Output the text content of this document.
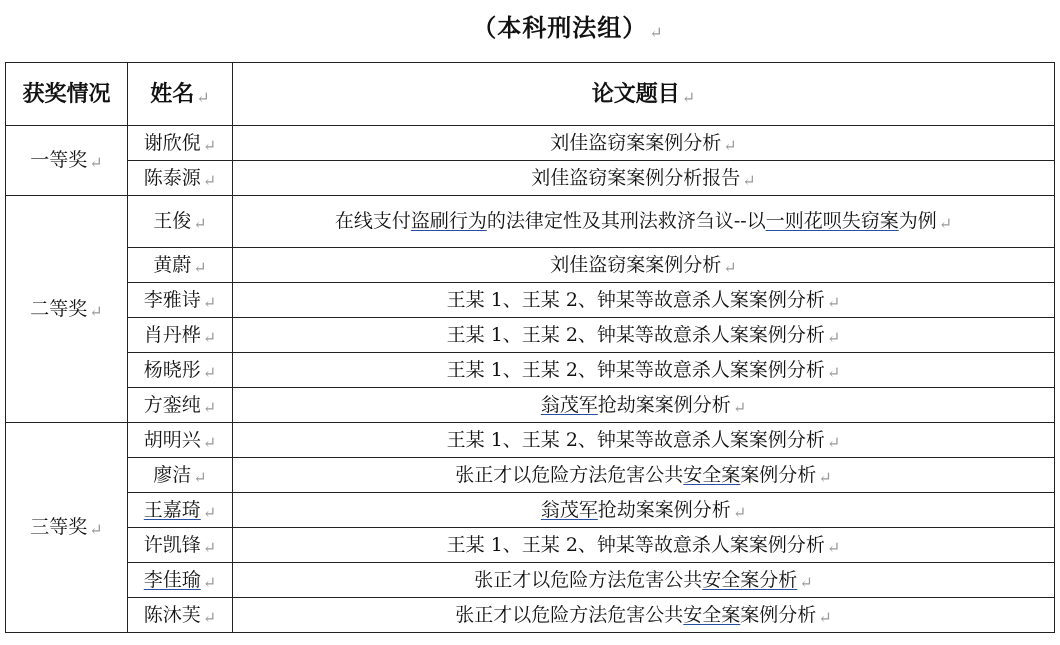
（本科刑法组） ↵
获奖情况	姓名 ↵	论文题目 ↵
一等奖 ↵	谢欣倪 ↵	刘佳盗窃案案例分析 ↵
	陈泰源 ↵	刘佳盗窃案案例分析报告 ↵
二等奖 ↵	王俊 ↵	在线支付盗刷行为的法律定性及其刑法救济刍议--以一则花呗失窃案为例 ↵
	黄蔚 ↵	刘佳盗窃案案例分析 ↵
	李雅诗 ↵	王某 1、王某 2、钟某等故意杀人案案例分析 ↵
	肖丹桦 ↵	王某 1、王某 2、钟某等故意杀人案案例分析 ↵
	杨晓彤 ↵	王某 1、王某 2、钟某等故意杀人案案例分析 ↵
	方銮纯 ↵	翁茂军抢劫案案例分析 ↵
三等奖 ↵	胡明兴 ↵	王某 1、王某 2、钟某等故意杀人案案例分析 ↵
	廖洁 ↵	张正才以危险方法危害公共安全案案例分析 ↵
	王嘉琦 ↵	翁茂军抢劫案案例分析 ↵
	许凯锋 ↵	王某 1、王某 2、钟某等故意杀人案案例分析 ↵
	李佳瑜 ↵	张正才以危险方法危害公共安全案分析 ↵
	陈沐芙 ↵	张正才以危险方法危害公共安全案案例分析 ↵
